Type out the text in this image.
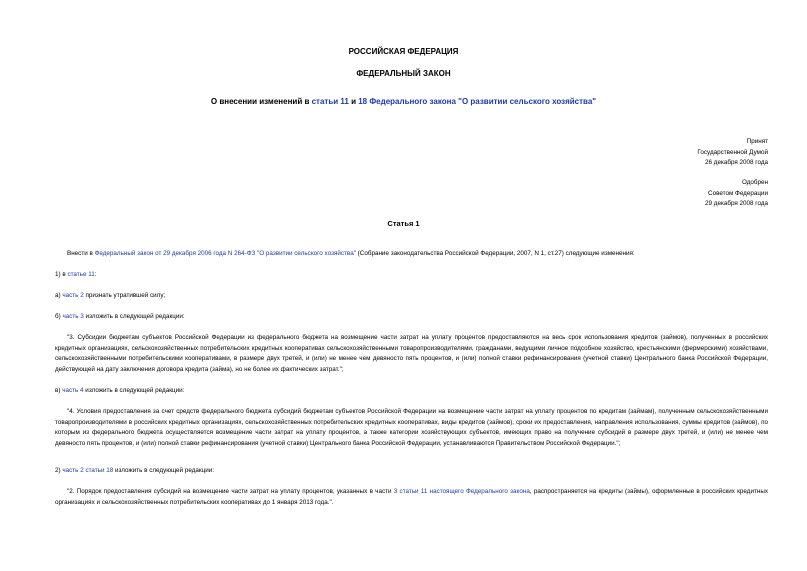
РОССИЙСКАЯ ФЕДЕРАЦИЯ
ФЕДЕРАЛЬНЫЙ ЗАКОН
О внесении изменений в статьи 11 и 18 Федерального закона "О развитии сельского хозяйства"
Принят
Государственной Думой
26 декабря 2008 года
Одобрен
Советом Федерации
29 декабря 2008 года
Статья 1
Внести в Федеральный закон от 29 декабря 2006 года N 264-ФЗ "О развитии сельского хозяйства" (Собрание законодательства Российской Федерации, 2007, N 1, ст.27) следующие изменения:
1) в статье 11:
а) часть 2 признать утратившей силу;
б) часть 3 изложить в следующей редакции:
"3. Субсидии бюджетам субъектов Российской Федерации из федерального бюджета на возмещение части затрат на уплату процентов предоставляются на весь срок использования кредитов (займов), полученных в российских кредитных организациях, сельскохозяйственных потребительских кредитных кооперативах сельскохозяйственными товаропроизводителями, гражданами, ведущими личное подсобное хозяйство, крестьянскими (фермерскими) хозяйствами, сельскохозяйственными потребительскими кооперативами, в размере двух третей, и (или) не менее чем девяносто пять процентов, и (или) полной ставки рефинансирования (учетной ставки) Центрального банка Российской Федерации, действующей на дату заключения договора кредита (займа), но не более их фактических затрат.";
в) часть 4 изложить в следующей редакции:
"4. Условия предоставления за счет средств федерального бюджета субсидий бюджетам субъектов Российской Федерации на возмещение части затрат на уплату процентов по кредитам (займам), полученным сельскохозяйственными товаропроизводителями в российских кредитных организациях, сельскохозяйственных потребительских кредитных кооперативах, виды кредитов (займов), сроки их предоставления, направления использования, суммы кредитов (займов), по которым из федерального бюджета осуществляется возмещение части затрат на уплату процентов, а также категории хозяйствующих субъектов, имеющих право на получение субсидий в размере двух третей, и (или) не менее чем девяносто пять процентов, и (или) полной ставки рефинансирования (учетной ставки) Центрального банка Российской Федерации, устанавливаются Правительством Российской Федерации.";
2) часть 2 статьи 18 изложить в следующей редакции:
"2. Порядок предоставления субсидий на возмещение части затрат на уплату процентов, указанных в части 3 статьи 11 настоящего Федерального закона, распространяется на кредиты (займы), оформленные в российских кредитных организациях и сельскохозяйственных потребительских кооперативах до 1 января 2013 года.".
